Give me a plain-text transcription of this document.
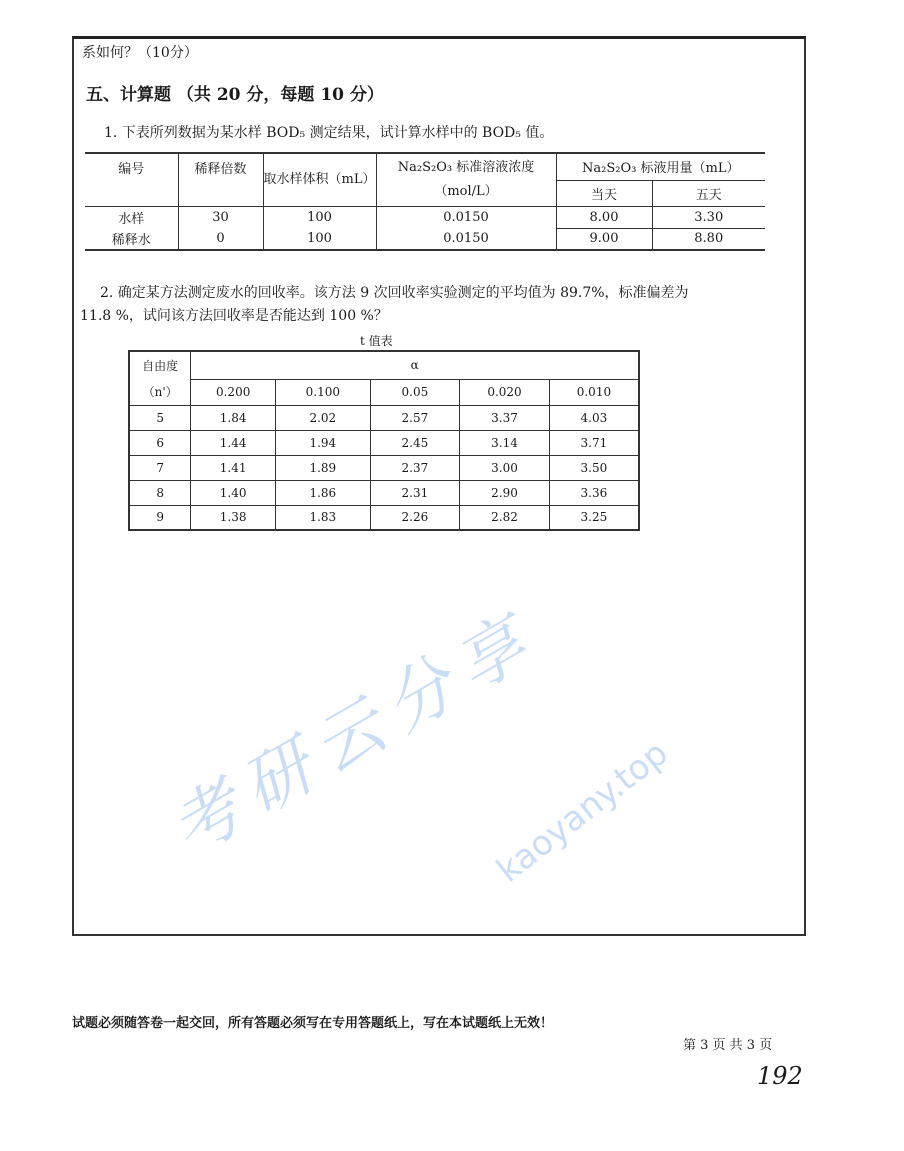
系如何？（10分）
五、计算题 （共 20 分，每题 10 分）
1. 下表所列数据为某水样 BOD₅ 测定结果，试计算水样中的 BOD₅ 值。
编号	稀释倍数	取水样体积（mL）	Na₂S₂O₃ 标准溶液浓度（mol/L）	Na₂S₂O₃ 标液用量（mL）	
				当天	五天
水样	30	100	0.0150	8.00	3.30
稀释水	0	100	0.0150	9.00	8.80
2. 确定某方法测定废水的回收率。该方法 9 次回收率实验测定的平均值为 89.7%，标准偏差为
11.8 %，试问该方法回收率是否能达到 100 %？
t 值表
自由度	α				
（n'）	0.200	0.100	0.05	0.020	0.010
5	1.84	2.02	2.57	3.37	4.03
6	1.44	1.94	2.45	3.14	3.71
7	1.41	1.89	2.37	3.00	3.50
8	1.40	1.86	2.31	2.90	3.36
9	1.38	1.83	2.26	2.82	3.25
试题必须随答卷一起交回，所有答题必须写在专用答题纸上，写在本试题纸上无效！
第 3 页 共 3 页
192
考研云分享
kaoyany.top
